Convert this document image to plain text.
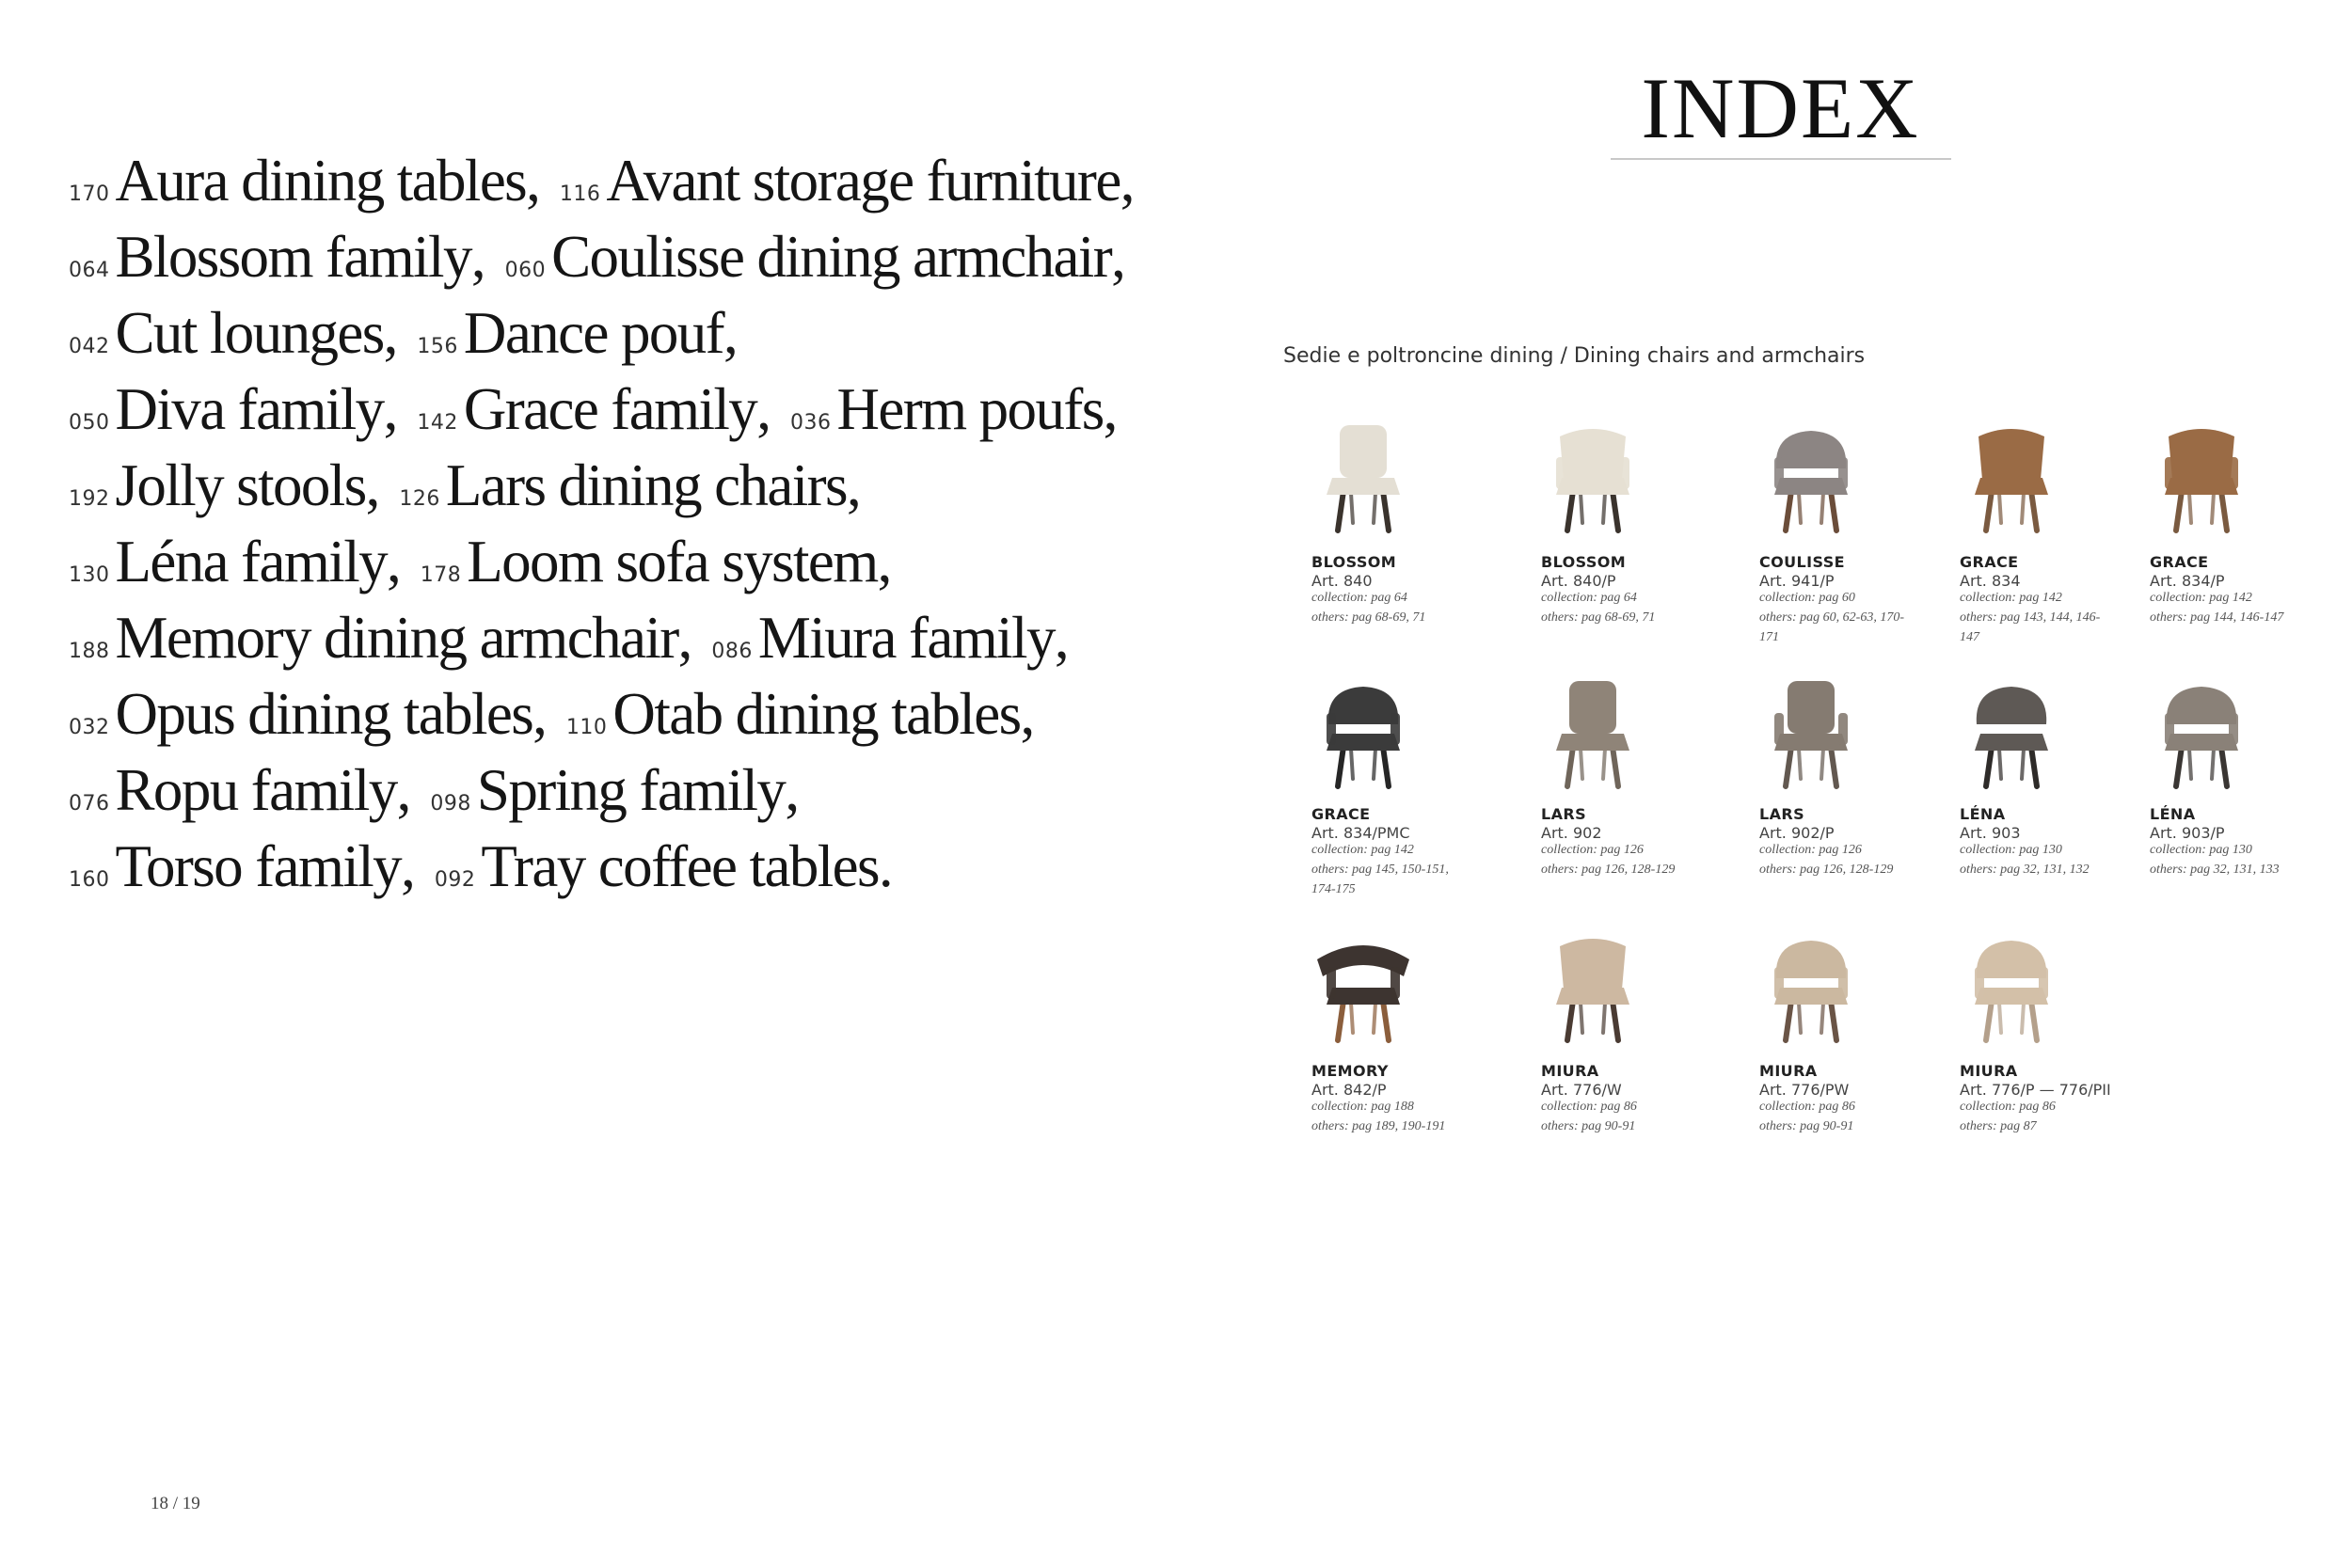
170Aura dining tables, 116Avant storage furniture,
064Blossom family, 060Coulisse dining armchair,
042Cut lounges, 156Dance pouf,
050Diva family, 142Grace family, 036Herm poufs,
192Jolly stools, 126Lars dining chairs,
130Léna family, 178Loom sofa system,
188Memory dining armchair, 086Miura family,
032Opus dining tables, 110Otab dining tables,
076Ropu family, 098Spring family,
160Torso family, 092Tray coffee tables.
18 / 19
INDEX
Sedie e poltroncine dining / Dining chairs and armchairs
BLOSSOM
Art. 840
collection: pag 64
others: pag 68-69, 71
BLOSSOM
Art. 840/P
collection: pag 64
others: pag 68-69, 71
COULISSE
Art. 941/P
collection: pag 60
others: pag 60, 62-63, 170-171
GRACE
Art. 834
collection: pag 142
others: pag 143, 144, 146-147
GRACE
Art. 834/P
collection: pag 142
others: pag 144, 146-147
GRACE
Art. 834/PMC
collection: pag 142
others: pag 145, 150-151, 174-175
LARS
Art. 902
collection: pag 126
others: pag 126, 128-129
LARS
Art. 902/P
collection: pag 126
others: pag 126, 128-129
LÉNA
Art. 903
collection: pag 130
others: pag 32, 131, 132
LÉNA
Art. 903/P
collection: pag 130
others: pag 32, 131, 133
MEMORY
Art. 842/P
collection: pag 188
others: pag 189, 190-191
MIURA
Art. 776/W
collection: pag 86
others: pag 90-91
MIURA
Art. 776/PW
collection: pag 86
others: pag 90-91
MIURA
Art. 776/P — 776/PII
collection: pag 86
others: pag 87
